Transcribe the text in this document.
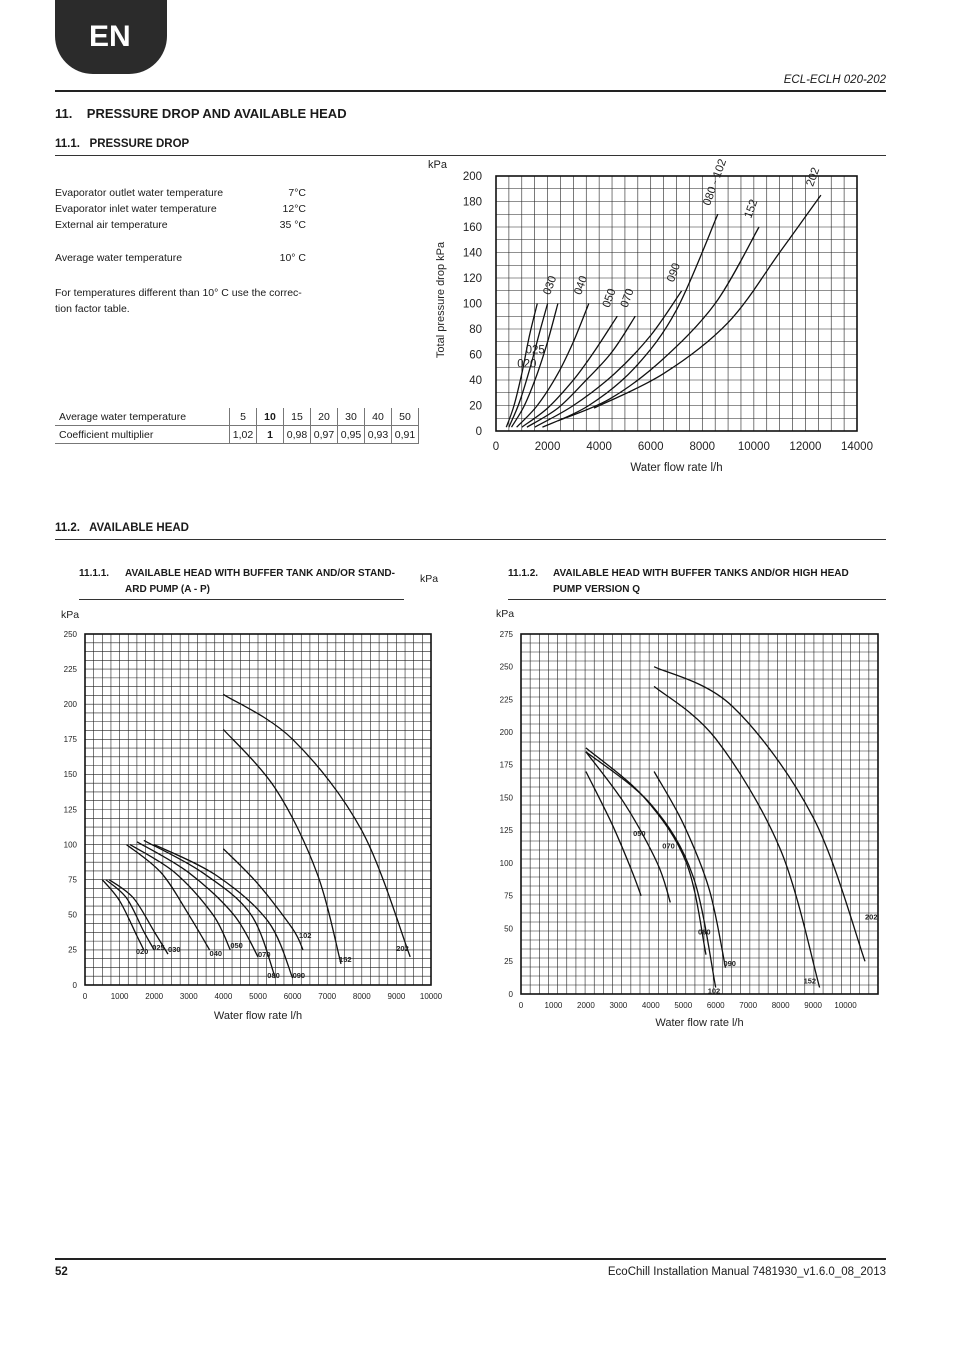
EN
ECL-ECLH 020-202
11.    PRESSURE DROP AND AVAILABLE HEAD
11.1.   PRESSURE DROP
Evaporator outlet water temperature	7°C
Evaporator inlet water temperature	12°C
External air temperature	35 °C
Average water temperature	10° C
For temperatures different than 10° C use the correc-tion factor table.
Average water temperature	5	10	15	20	30	40	50
Coefficient multiplier	1,02	1	0,98	0,97	0,95	0,93	0,91
0	2000 4000 6000 8000 10000 12000 14000
0
20
40
60
80
100
120
140
160
180
200
kPa
Total pressure drop kPa
Water flow rate l/h
020
025
030 040
050 070
090
080 - 102
152
202
11.2.   AVAILABLE HEAD
11.1.1. AVAILABLE HEAD WITH BUFFER TANK AND/OR STAND-ARD PUMP (A - P)
kPa	11.1.2. AVAILABLE HEAD WITH BUFFER TANKS AND/OR HIGH HEAD PUMP VERSION Q
0	1000 2000 3000 4000 5000 6000 7000 8000 9000 10000
0
25
50
75
100
125
150
175
200
225
250
kPa
Water flow rate l/h
020 025 030	040
050
070
080 090
102
152
202
0	1000 2000 3000 4000 5000 6000 7000 8000 9000 10000
0
25
50
75
100
125
150
175
200
225
250
275
kPa
Water flow rate l/h
050
070
080
102
090
152
202
52	EcoChill Installation Manual 7481930_v1.6.0_08_2013
